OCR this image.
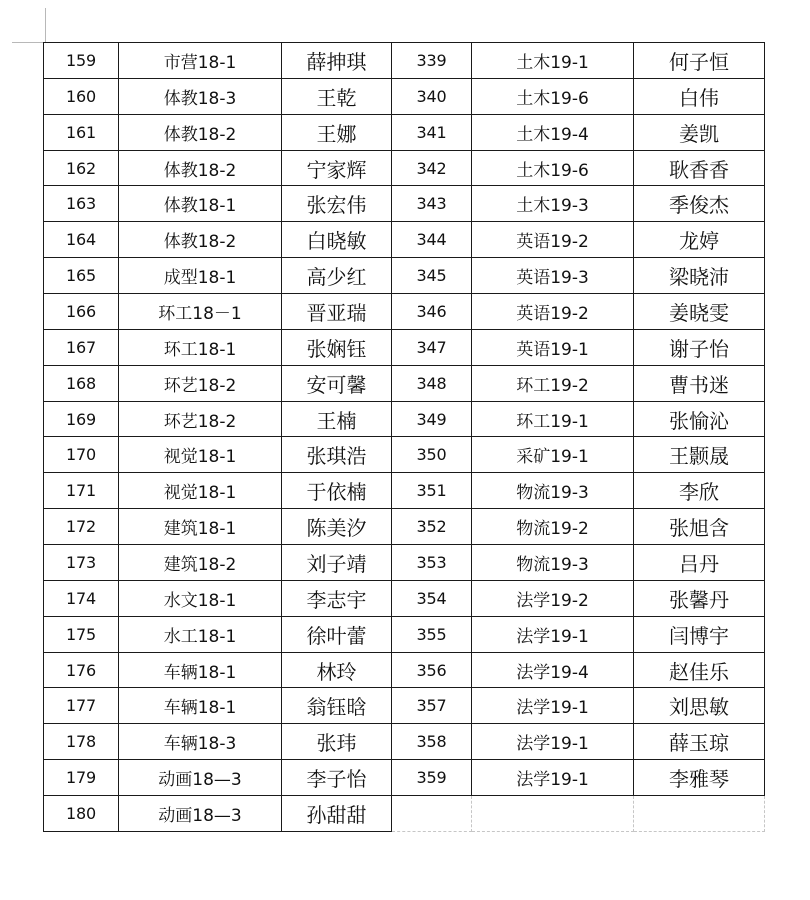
159	市营18-1	薛抻琪	339	土木19-1	何子恒
160	体教18-3	王乾	340	土木19-6	白伟
161	体教18-2	王娜	341	土木19-4	姜凯
162	体教18-2	宁家辉	342	土木19-6	耿香香
163	体教18-1	张宏伟	343	土木19-3	季俊杰
164	体教18-2	白晓敏	344	英语19-2	龙婷
165	成型18-1	高少红	345	英语19-3	梁晓沛
166	环工18－1	晋亚瑞	346	英语19-2	姜晓雯
167	环工18-1	张娴钰	347	英语19-1	谢子怡
168	环艺18-2	安可馨	348	环工19-2	曹书迷
169	环艺18-2	王楠	349	环工19-1	张愉沁
170	视觉18-1	张琪浩	350	采矿19-1	王颢晟
171	视觉18-1	于依楠	351	物流19-3	李欣
172	建筑18-1	陈美汐	352	物流19-2	张旭含
173	建筑18-2	刘子靖	353	物流19-3	吕丹
174	水文18-1	李志宇	354	法学19-2	张馨丹
175	水工18-1	徐叶蕾	355	法学19-1	闫博宇
176	车辆18-1	林玲	356	法学19-4	赵佳乐
177	车辆18-1	翁钰晗	357	法学19-1	刘思敏
178	车辆18-3	张玮	358	法学19-1	薛玉琼
179	动画18—3	李子怡	359	法学19-1	李雅琴
180	动画18—3	孙甜甜			
